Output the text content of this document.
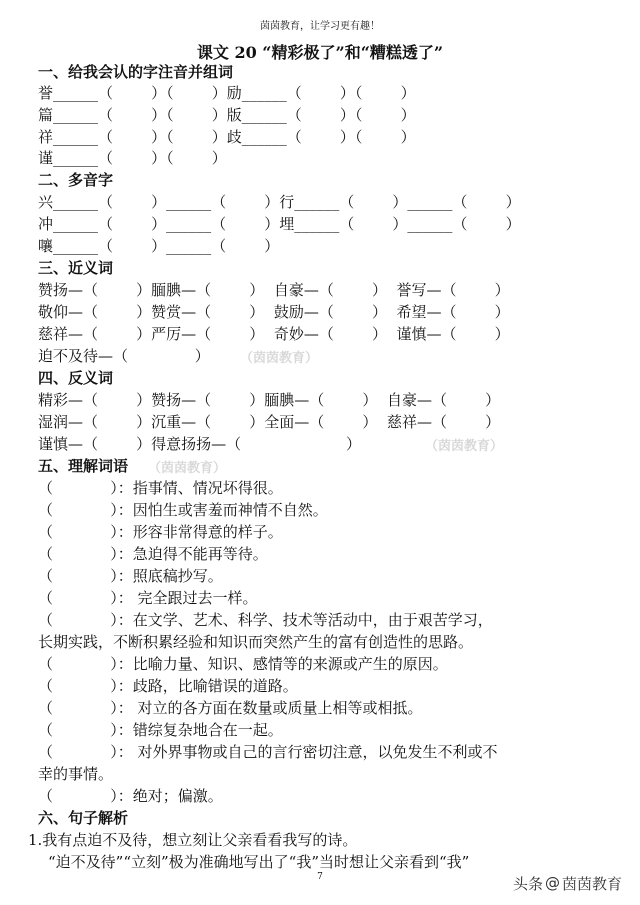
茵茵教育，让学习更有趣！
课文 20 “精彩极了”和“糟糕透了”
一、给我会认的字注音并组词
誉______（        ）（        ）励______（        ）（        ）
篇______（        ）（        ）版______（        ）（        ）
祥______（        ）（        ）歧______（        ）（        ）
谨______（        ）（        ）
二、多音字
兴______（        ）______（        ）行______（        ）______（        ）
冲______（        ）______（        ）埋______（        ）______（        ）
嚷______（        ）______（        ）
三、近义词
赞扬—（        ）腼腆—（        ）  自豪—（        ）  誉写—（        ）
敬仰—（        ）赞赏—（        ）  鼓励—（        ）  希望—（        ）
慈祥—（        ）严厉—（        ）  奇妙—（        ）  谨慎—（        ）
迫不及待—（              ） （茵茵教育）
四、反义词
精彩—（        ）赞扬—（        ）腼腆—（        ）  自豪—（        ）
湿润—（        ）沉重—（        ）全面—（        ）  慈祥—（        ）
谨慎—（        ）得意扬扬—（                      ）	（茵茵教育）
五、理解词语 （茵茵教育）
（            ）：指事情、情况坏得很。
（            ）：因怕生或害羞而神情不自然。
（            ）：形容非常得意的样子。
（            ）：急迫得不能再等待。
（            ）：照底稿抄写。
（            ）： 完全跟过去一样。
（            ）：在文学、艺术、科学、技术等活动中，由于艰苦学习，
长期实践，不断积累经验和知识而突然产生的富有创造性的思路。
（            ）：比喻力量、知识、感情等的来源或产生的原因。
（            ）：歧路，比喻错误的道路。
（            ）： 对立的各方面在数量或质量上相等或相抵。
（            ）：错综复杂地合在一起。
（            ）： 对外界事物或自己的言行密切注意，以免发生不利或不
幸的事情。
（            ）：绝对；偏激。
六、句子解析
1.我有点迫不及待，想立刻让父亲看看我写的诗。
“迫不及待”“立刻”极为准确地写出了“我”当时想让父亲看到“我”
7	头条 @ 茵茵教育
